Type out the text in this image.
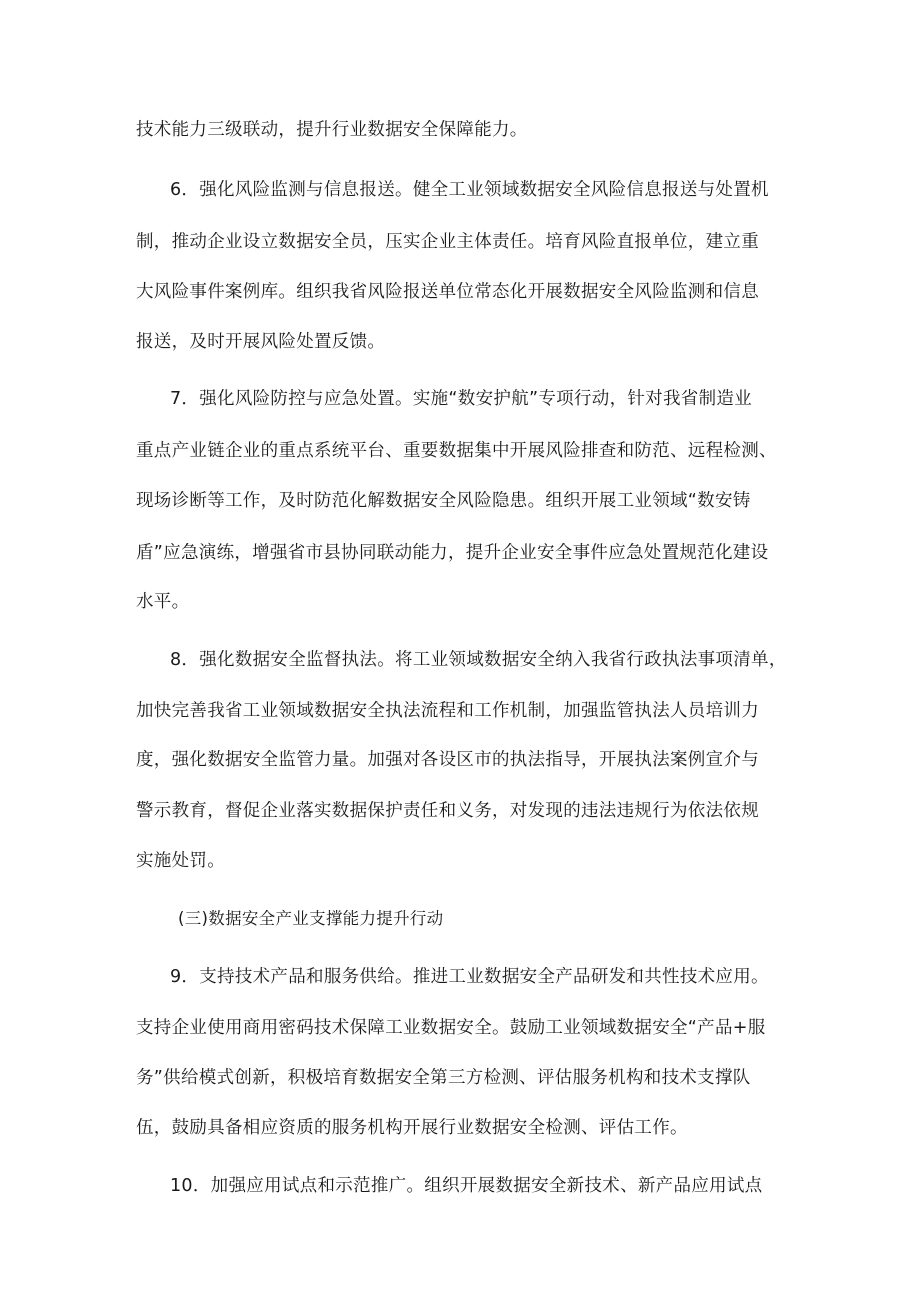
技术能力三级联动，提升行业数据安全保障能力。
6．强化风险监测与信息报送。健全工业领域数据安全风险信息报送与处置机
制，推动企业设立数据安全员，压实企业主体责任。培育风险直报单位，建立重
大风险事件案例库。组织我省风险报送单位常态化开展数据安全风险监测和信息
报送，及时开展风险处置反馈。
7．强化风险防控与应急处置。实施“数安护航”专项行动，针对我省制造业
重点产业链企业的重点系统平台、重要数据集中开展风险排查和防范、远程检测、
现场诊断等工作，及时防范化解数据安全风险隐患。组织开展工业领域“数安铸
盾”应急演练，增强省市县协同联动能力，提升企业安全事件应急处置规范化建设
水平。
8．强化数据安全监督执法。将工业领域数据安全纳入我省行政执法事项清单，
加快完善我省工业领域数据安全执法流程和工作机制，加强监管执法人员培训力
度，强化数据安全监管力量。加强对各设区市的执法指导，开展执法案例宣介与
警示教育，督促企业落实数据保护责任和义务，对发现的违法违规行为依法依规
实施处罚。
(三)数据安全产业支撑能力提升行动
9．支持技术产品和服务供给。推进工业数据安全产品研发和共性技术应用。
支持企业使用商用密码技术保障工业数据安全。鼓励工业领域数据安全“产品+服
务”供给模式创新，积极培育数据安全第三方检测、评估服务机构和技术支撑队
伍，鼓励具备相应资质的服务机构开展行业数据安全检测、评估工作。
10．加强应用试点和示范推广。组织开展数据安全新技术、新产品应用试点
